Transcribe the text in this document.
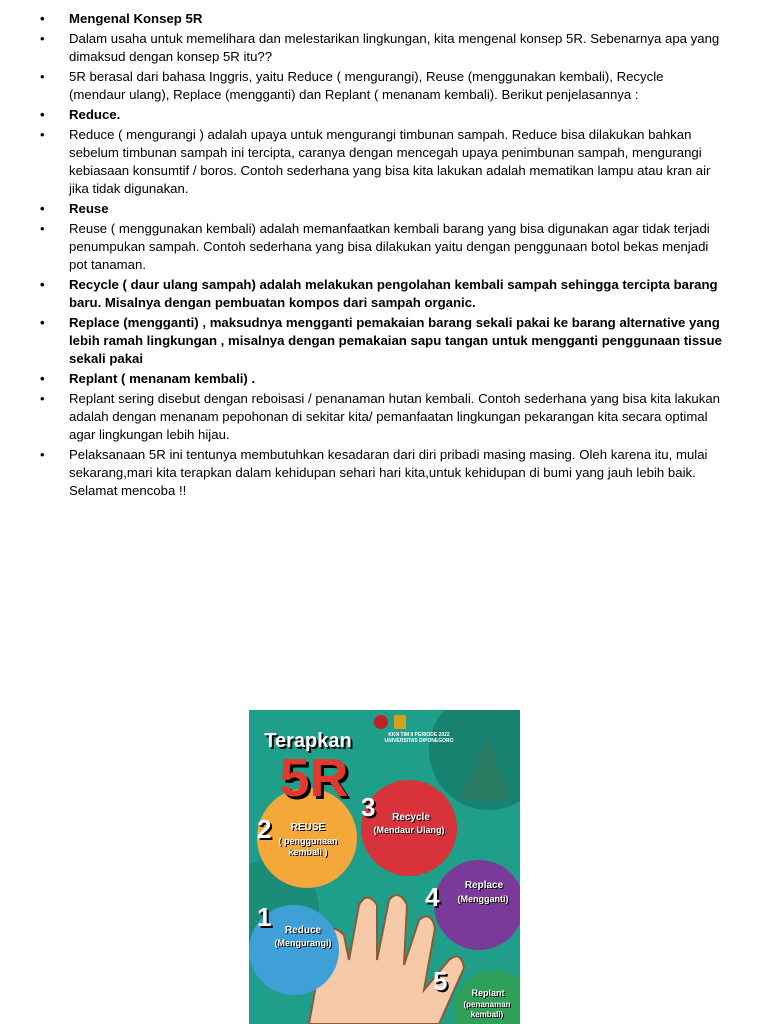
• Mengenal Konsep 5R
• Dalam usaha untuk memelihara dan melestarikan lingkungan, kita mengenal konsep 5R. Sebenarnya apa yang dimaksud dengan konsep 5R itu??
• 5R berasal dari bahasa Inggris, yaitu Reduce ( mengurangi), Reuse (menggunakan kembali), Recycle (mendaur ulang), Replace (mengganti) dan Replant ( menanam kembali). Berikut penjelasannya :
• Reduce.
• Reduce ( mengurangi ) adalah upaya untuk mengurangi timbunan sampah. Reduce bisa dilakukan bahkan sebelum timbunan sampah ini tercipta, caranya dengan mencegah upaya penimbunan sampah, mengurangi kebiasaan konsumtif / boros. Contoh sederhana yang bisa kita lakukan adalah mematikan lampu atau kran air jika tidak digunakan.
• Reuse
• Reuse ( menggunakan kembali) adalah memanfaatkan kembali barang yang bisa digunakan agar tidak terjadi penumpukan sampah. Contoh sederhana yang bisa dilakukan yaitu dengan penggunaan botol bekas menjadi pot tanaman.
• Recycle ( daur ulang sampah) adalah melakukan pengolahan kembali sampah sehingga tercipta barang baru. Misalnya dengan pembuatan kompos dari sampah organic.
• Replace (mengganti) , maksudnya mengganti pemakaian barang sekali pakai ke barang alternative yang lebih ramah lingkungan , misalnya dengan pemakaian sapu tangan untuk mengganti penggunaan tissue sekali pakai
• Replant ( menanam kembali) .
• Replant sering disebut dengan reboisasi / penanaman hutan kembali. Contoh sederhana yang bisa kita lakukan adalah dengan menanam pepohonan di sekitar kita/ pemanfaatan lingkungan pekarangan kita secara optimal agar lingkungan lebih hijau.
• Pelaksanaan 5R ini tentunya membutuhkan kesadaran dari diri pribadi masing masing. Oleh karena itu, mulai sekarang,mari kita terapkan dalam kehidupan sehari hari kita,untuk kehidupan di bumi yang jauh lebih baik. Selamat mencoba !!
KKN TIM II PERIODE 2022
UNIVERSITAS DIPONEGORO
Terapkan
5R
2	REUSE
( penggunaan kembali )
3	Recycle
(Mendaur Ulang)
4	Replace
(Mengganti)
1	Reduce
(Mengurangi)
5	Replant
(penanaman kembali)
